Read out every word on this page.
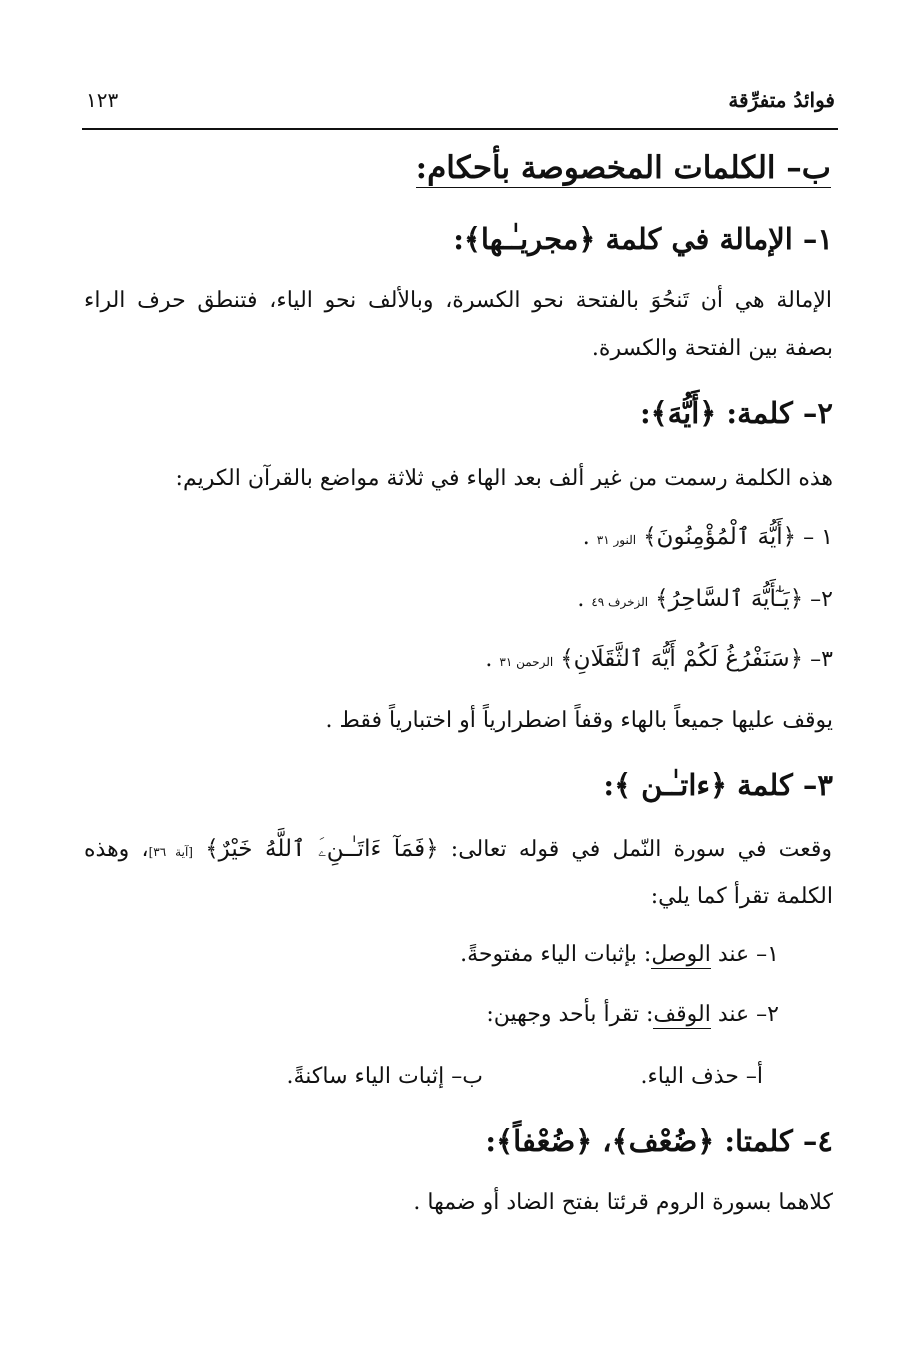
فوائدُ متفرِّقة
١٢٣
ب– الكلمات المخصوصة بأحكام:
١– الإمالة في كلمة ﴿مجريـٰـها﴾:
الإمالة هي أن تَنحُوَ بالفتحة نحو الكسرة، وبالألف نحو الياء، فتنطق حرف الراء
بصفة بين الفتحة والكسرة.
٢– كلمة: ﴿أَيُّهَ﴾:
هذه الكلمة رسمت من غير ألف بعد الهاء في ثلاثة مواضع بالقرآن الكريم:
١ – ﴿أَيُّهَ ٱلْمُؤْمِنُونَ﴾ النور ٣١ .
٢– ﴿يَـٰٓأَيُّهَ ٱلسَّاحِرُ﴾ الزخرف ٤٩ .
٣– ﴿سَنَفْرُغُ لَكُمْ أَيُّهَ ٱلثَّقَلَانِ﴾ الرحمن ٣١ .
يوقف عليها جميعاً بالهاء وقفاً اضطرارياً أو اختبارياً فقط .
٣– كلمة ﴿ءاتـٰـن ﴾:
وقعت في سورة النّمل في قوله تعالى: ﴿فَمَآ ءَاتَـٰـنِۦَ ٱللَّهُ خَيْرٌ﴾ [آية ٣٦]، وهذه
الكلمة تقرأ كما يلي:
١– عند الوصل: بإثبات الياء مفتوحةً.
٢– عند الوقف: تقرأ بأحد وجهين:
أ– حذف الياء.
ب– إثبات الياء ساكنةً.
٤– كلمتا: ﴿ضُعْف﴾، ﴿ضُعْفاً﴾:
كلاهما بسورة الروم قرئتا بفتح الضاد أو ضمها .
